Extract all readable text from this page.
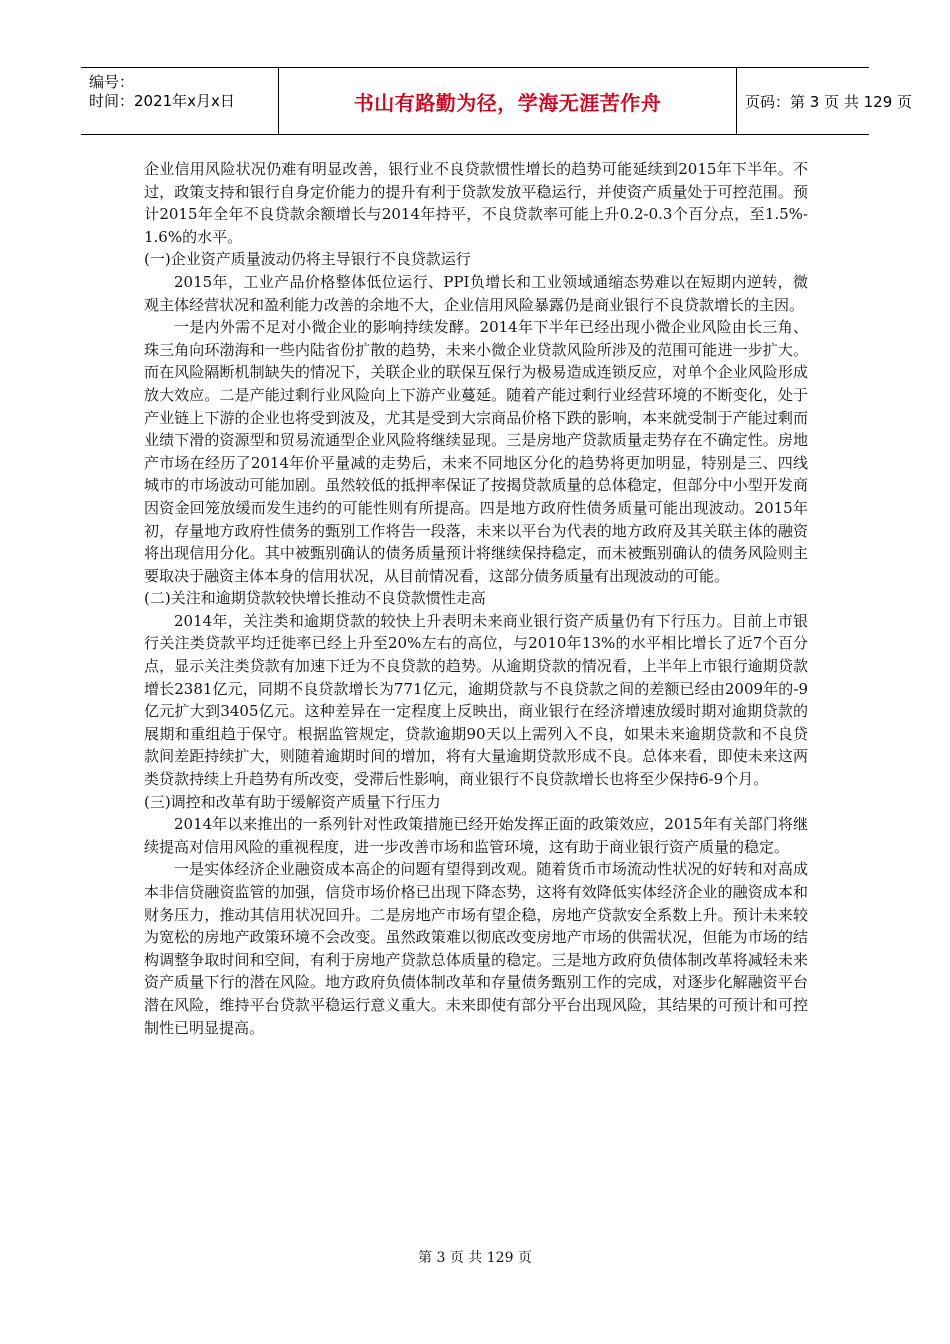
编号：
时间：2021年x月x日	书山有路勤为径，学海无涯苦作舟	页码：第 3 页 共 129 页

企业信用风险状况仍难有明显改善，银行业不良贷款惯性增长的趋势可能延续到2015年下半年。不过，政策支持和银行自身定价能力的提升有利于贷款发放平稳运行，并使资产质量处于可控范围。预计2015年全年不良贷款余额增长与2014年持平，不良贷款率可能上升0.2-0.3个百分点，至1.5%-1.6%的水平。

(一)企业资产质量波动仍将主导银行不良贷款运行

2015年，工业产品价格整体低位运行、PPI负增长和工业领域通缩态势难以在短期内逆转，微观主体经营状况和盈利能力改善的余地不大，企业信用风险暴露仍是商业银行不良贷款增长的主因。

一是内外需不足对小微企业的影响持续发酵。2014年下半年已经出现小微企业风险由长三角、珠三角向环渤海和一些内陆省份扩散的趋势，未来小微企业贷款风险所涉及的范围可能进一步扩大。而在风险隔断机制缺失的情况下，关联企业的联保互保行为极易造成连锁反应，对单个企业风险形成放大效应。二是产能过剩行业风险向上下游产业蔓延。随着产能过剩行业经营环境的不断变化，处于产业链上下游的企业也将受到波及，尤其是受到大宗商品价格下跌的影响，本来就受制于产能过剩而业绩下滑的资源型和贸易流通型企业风险将继续显现。三是房地产贷款质量走势存在不确定性。房地产市场在经历了2014年价平量减的走势后，未来不同地区分化的趋势将更加明显，特别是三、四线城市的市场波动可能加剧。虽然较低的抵押率保证了按揭贷款质量的总体稳定，但部分中小型开发商因资金回笼放缓而发生违约的可能性则有所提高。四是地方政府性债务质量可能出现波动。2015年初，存量地方政府性债务的甄别工作将告一段落，未来以平台为代表的地方政府及其关联主体的融资将出现信用分化。其中被甄别确认的债务质量预计将继续保持稳定，而未被甄别确认的债务风险则主要取决于融资主体本身的信用状况，从目前情况看，这部分债务质量有出现波动的可能。

(二)关注和逾期贷款较快增长推动不良贷款惯性走高

2014年，关注类和逾期贷款的较快上升表明未来商业银行资产质量仍有下行压力。目前上市银行关注类贷款平均迁徙率已经上升至20%左右的高位，与2010年13%的水平相比增长了近7个百分点，显示关注类贷款有加速下迁为不良贷款的趋势。从逾期贷款的情况看，上半年上市银行逾期贷款增长2381亿元，同期不良贷款增长为771亿元，逾期贷款与不良贷款之间的差额已经由2009年的-9亿元扩大到3405亿元。这种差异在一定程度上反映出，商业银行在经济增速放缓时期对逾期贷款的展期和重组趋于保守。根据监管规定，贷款逾期90天以上需列入不良，如果未来逾期贷款和不良贷款间差距持续扩大，则随着逾期时间的增加，将有大量逾期贷款形成不良。总体来看，即使未来这两类贷款持续上升趋势有所改变，受滞后性影响，商业银行不良贷款增长也将至少保持6-9个月。

(三)调控和改革有助于缓解资产质量下行压力

2014年以来推出的一系列针对性政策措施已经开始发挥正面的政策效应，2015年有关部门将继续提高对信用风险的重视程度，进一步改善市场和监管环境，这有助于商业银行资产质量的稳定。

一是实体经济企业融资成本高企的问题有望得到改观。随着货币市场流动性状况的好转和对高成本非信贷融资监管的加强，信贷市场价格已出现下降态势，这将有效降低实体经济企业的融资成本和财务压力，推动其信用状况回升。二是房地产市场有望企稳，房地产贷款安全系数上升。预计未来较为宽松的房地产政策环境不会改变。虽然政策难以彻底改变房地产市场的供需状况，但能为市场的结构调整争取时间和空间，有利于房地产贷款总体质量的稳定。三是地方政府负债体制改革将减轻未来资产质量下行的潜在风险。地方政府负债体制改革和存量债务甄别工作的完成，对逐步化解融资平台潜在风险，维持平台贷款平稳运行意义重大。未来即使有部分平台出现风险，其结果的可预计和可控制性已明显提高。

第 3 页 共 129 页
